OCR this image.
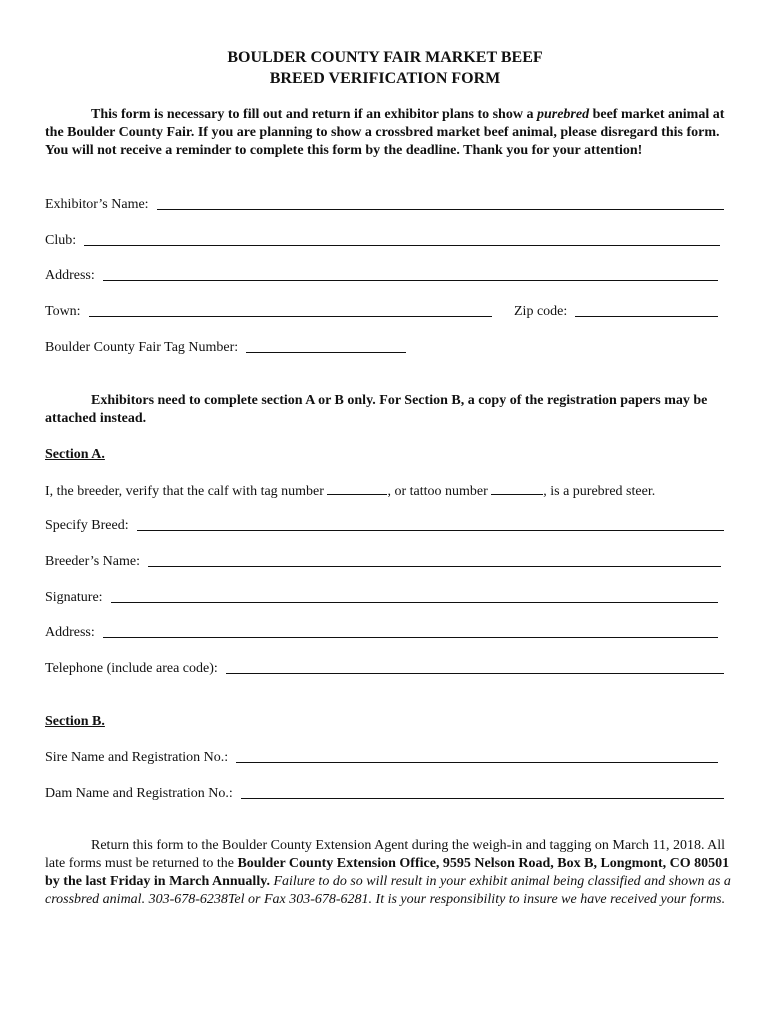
BOULDER COUNTY FAIR MARKET BEEF
BREED VERIFICATION FORM
This form is necessary to fill out and return if an exhibitor plans to show a purebred beef market animal at the Boulder County Fair. If you are planning to show a crossbred market beef animal, please disregard this form. You will not receive a reminder to complete this form by the deadline. Thank you for your attention!
Exhibitor’s Name:
Club:
Address:
Town:	Zip code:
Boulder County Fair Tag Number:
Exhibitors need to complete section A or B only. For Section B, a copy of the registration papers may be attached instead.
Section A.
I, the breeder, verify that the calf with tag number	, or tattoo number	, is a purebred steer.
Specify Breed:
Breeder’s Name:
Signature:
Address:
Telephone (include area code):
Section B.
Sire Name and Registration No.:
Dam Name and Registration No.:
Return this form to the Boulder County Extension Agent during the weigh-in and tagging on March 11, 2018. All late forms must be returned to the Boulder County Extension Office, 9595 Nelson Road, Box B, Longmont, CO 80501 by the last Friday in March Annually. Failure to do so will result in your exhibit animal being classified and shown as a crossbred animal. 303-678-6238Tel or Fax 303-678-6281. It is your responsibility to insure we have received your forms.
